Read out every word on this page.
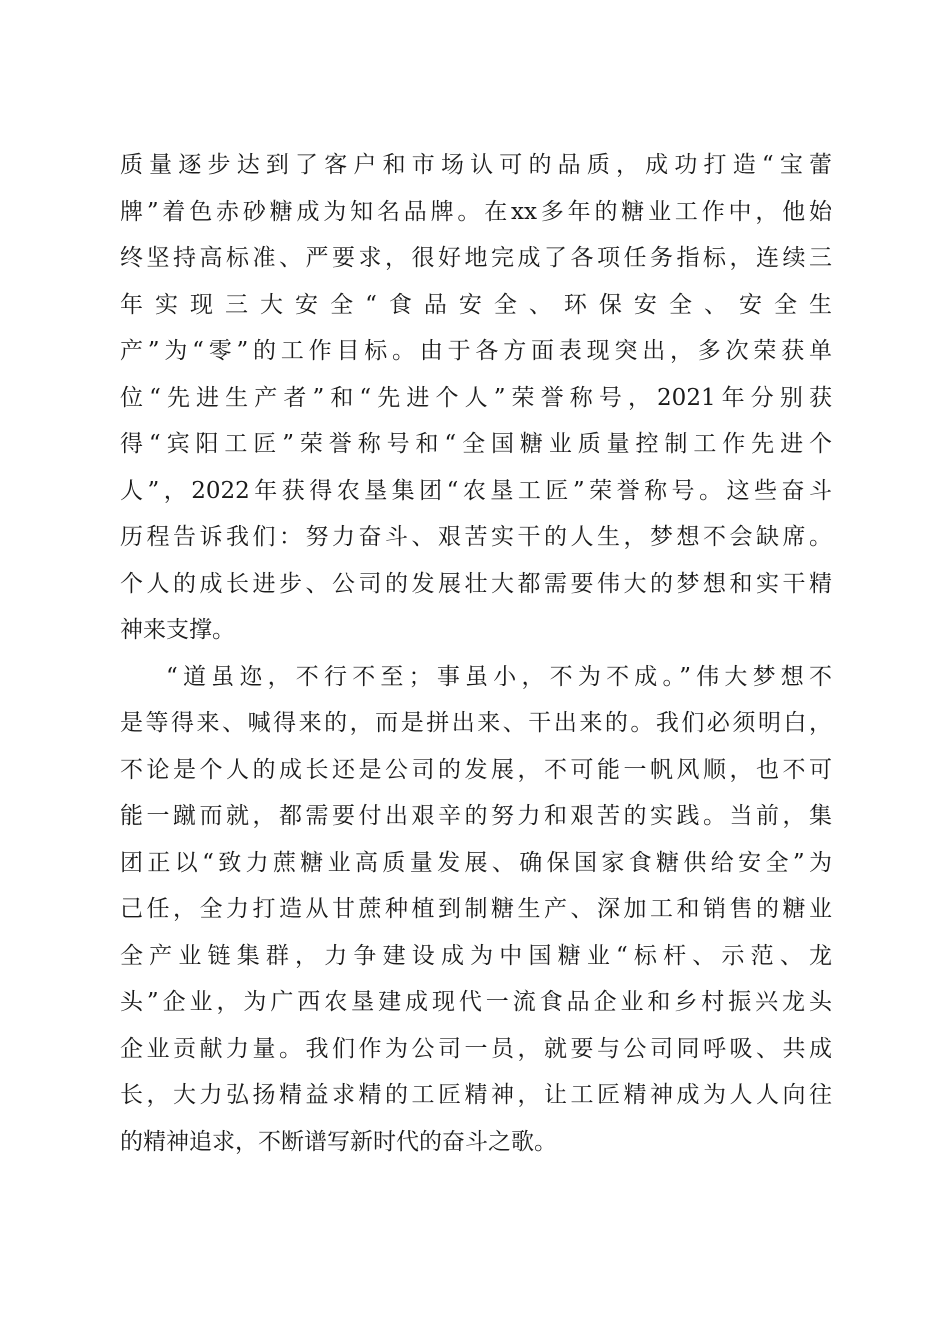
质量逐步达到了客户和市场认可的品质，成功打造“宝蕾
牌”着色赤砂糖成为知名品牌。在xx多年的糖业工作中，他始
终坚持高标准、严要求，很好地完成了各项任务指标，连续三
年实现三大安全“食品安全、环保安全、安全生
产”为“零”的工作目标。由于各方面表现突出，多次荣获单
位“先进生产者”和“先进个人”荣誉称号，2021年分别获
得“宾阳工匠”荣誉称号和“全国糖业质量控制工作先进个
人”，2022年获得农垦集团“农垦工匠”荣誉称号。这些奋斗
历程告诉我们：努力奋斗、艰苦实干的人生，梦想不会缺席。
个人的成长进步、公司的发展壮大都需要伟大的梦想和实干精
神来支撑。
“道虽迩，不行不至；事虽小，不为不成。”伟大梦想不
是等得来、喊得来的，而是拼出来、干出来的。我们必须明白，
不论是个人的成长还是公司的发展，不可能一帆风顺，也不可
能一蹴而就，都需要付出艰辛的努力和艰苦的实践。当前，集
团正以“致力蔗糖业高质量发展、确保国家食糖供给安全”为
己任，全力打造从甘蔗种植到制糖生产、深加工和销售的糖业
全产业链集群，力争建设成为中国糖业“标杆、示范、龙
头”企业，为广西农垦建成现代一流食品企业和乡村振兴龙头
企业贡献力量。我们作为公司一员，就要与公司同呼吸、共成
长，大力弘扬精益求精的工匠精神，让工匠精神成为人人向往
的精神追求，不断谱写新时代的奋斗之歌。
